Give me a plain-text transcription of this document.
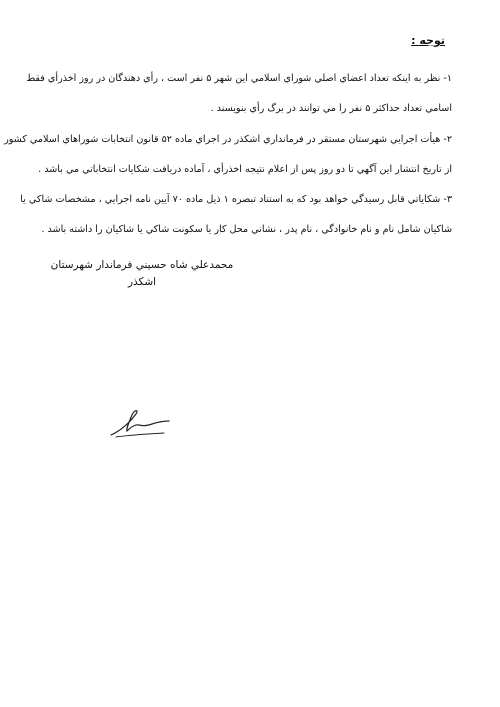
توجه :

۱- نظر به اینکه تعداد اعضاي اصلي شوراي اسلامي اين شهر ۵ نفر است ، رأي دهندگان در روز اخذرأي فقط
اسامي تعداد حداکثر ۵ نفر را مي توانند در برگ رأي بنويسند .

۲- هيأت اجرايي شهرستان مستقر در فرمانداري اشکذر در اجراي ماده ۵۲ قانون انتخابات شوراهاي اسلامي کشور
از تاريخ انتشار اين آگهي تا دو روز پس از اعلام نتيجه اخذرأي ، آماده دريافت شکايات انتخاباتي مي باشد .

۳- شکاياتي قابل رسيدگي خواهد بود که به استناد تبصره ۱ ذيل ماده ۷۰ آيين نامه اجرايي ، مشخصات شاکي يا
شاکيان شامل نام و نام خانوادگي ، نام پدر ، نشاني محل کار يا سکونت شاکي يا شاکيان را داشته باشد .

محمدعلي شاه حسيني فرماندار شهرستان
اشکذر
